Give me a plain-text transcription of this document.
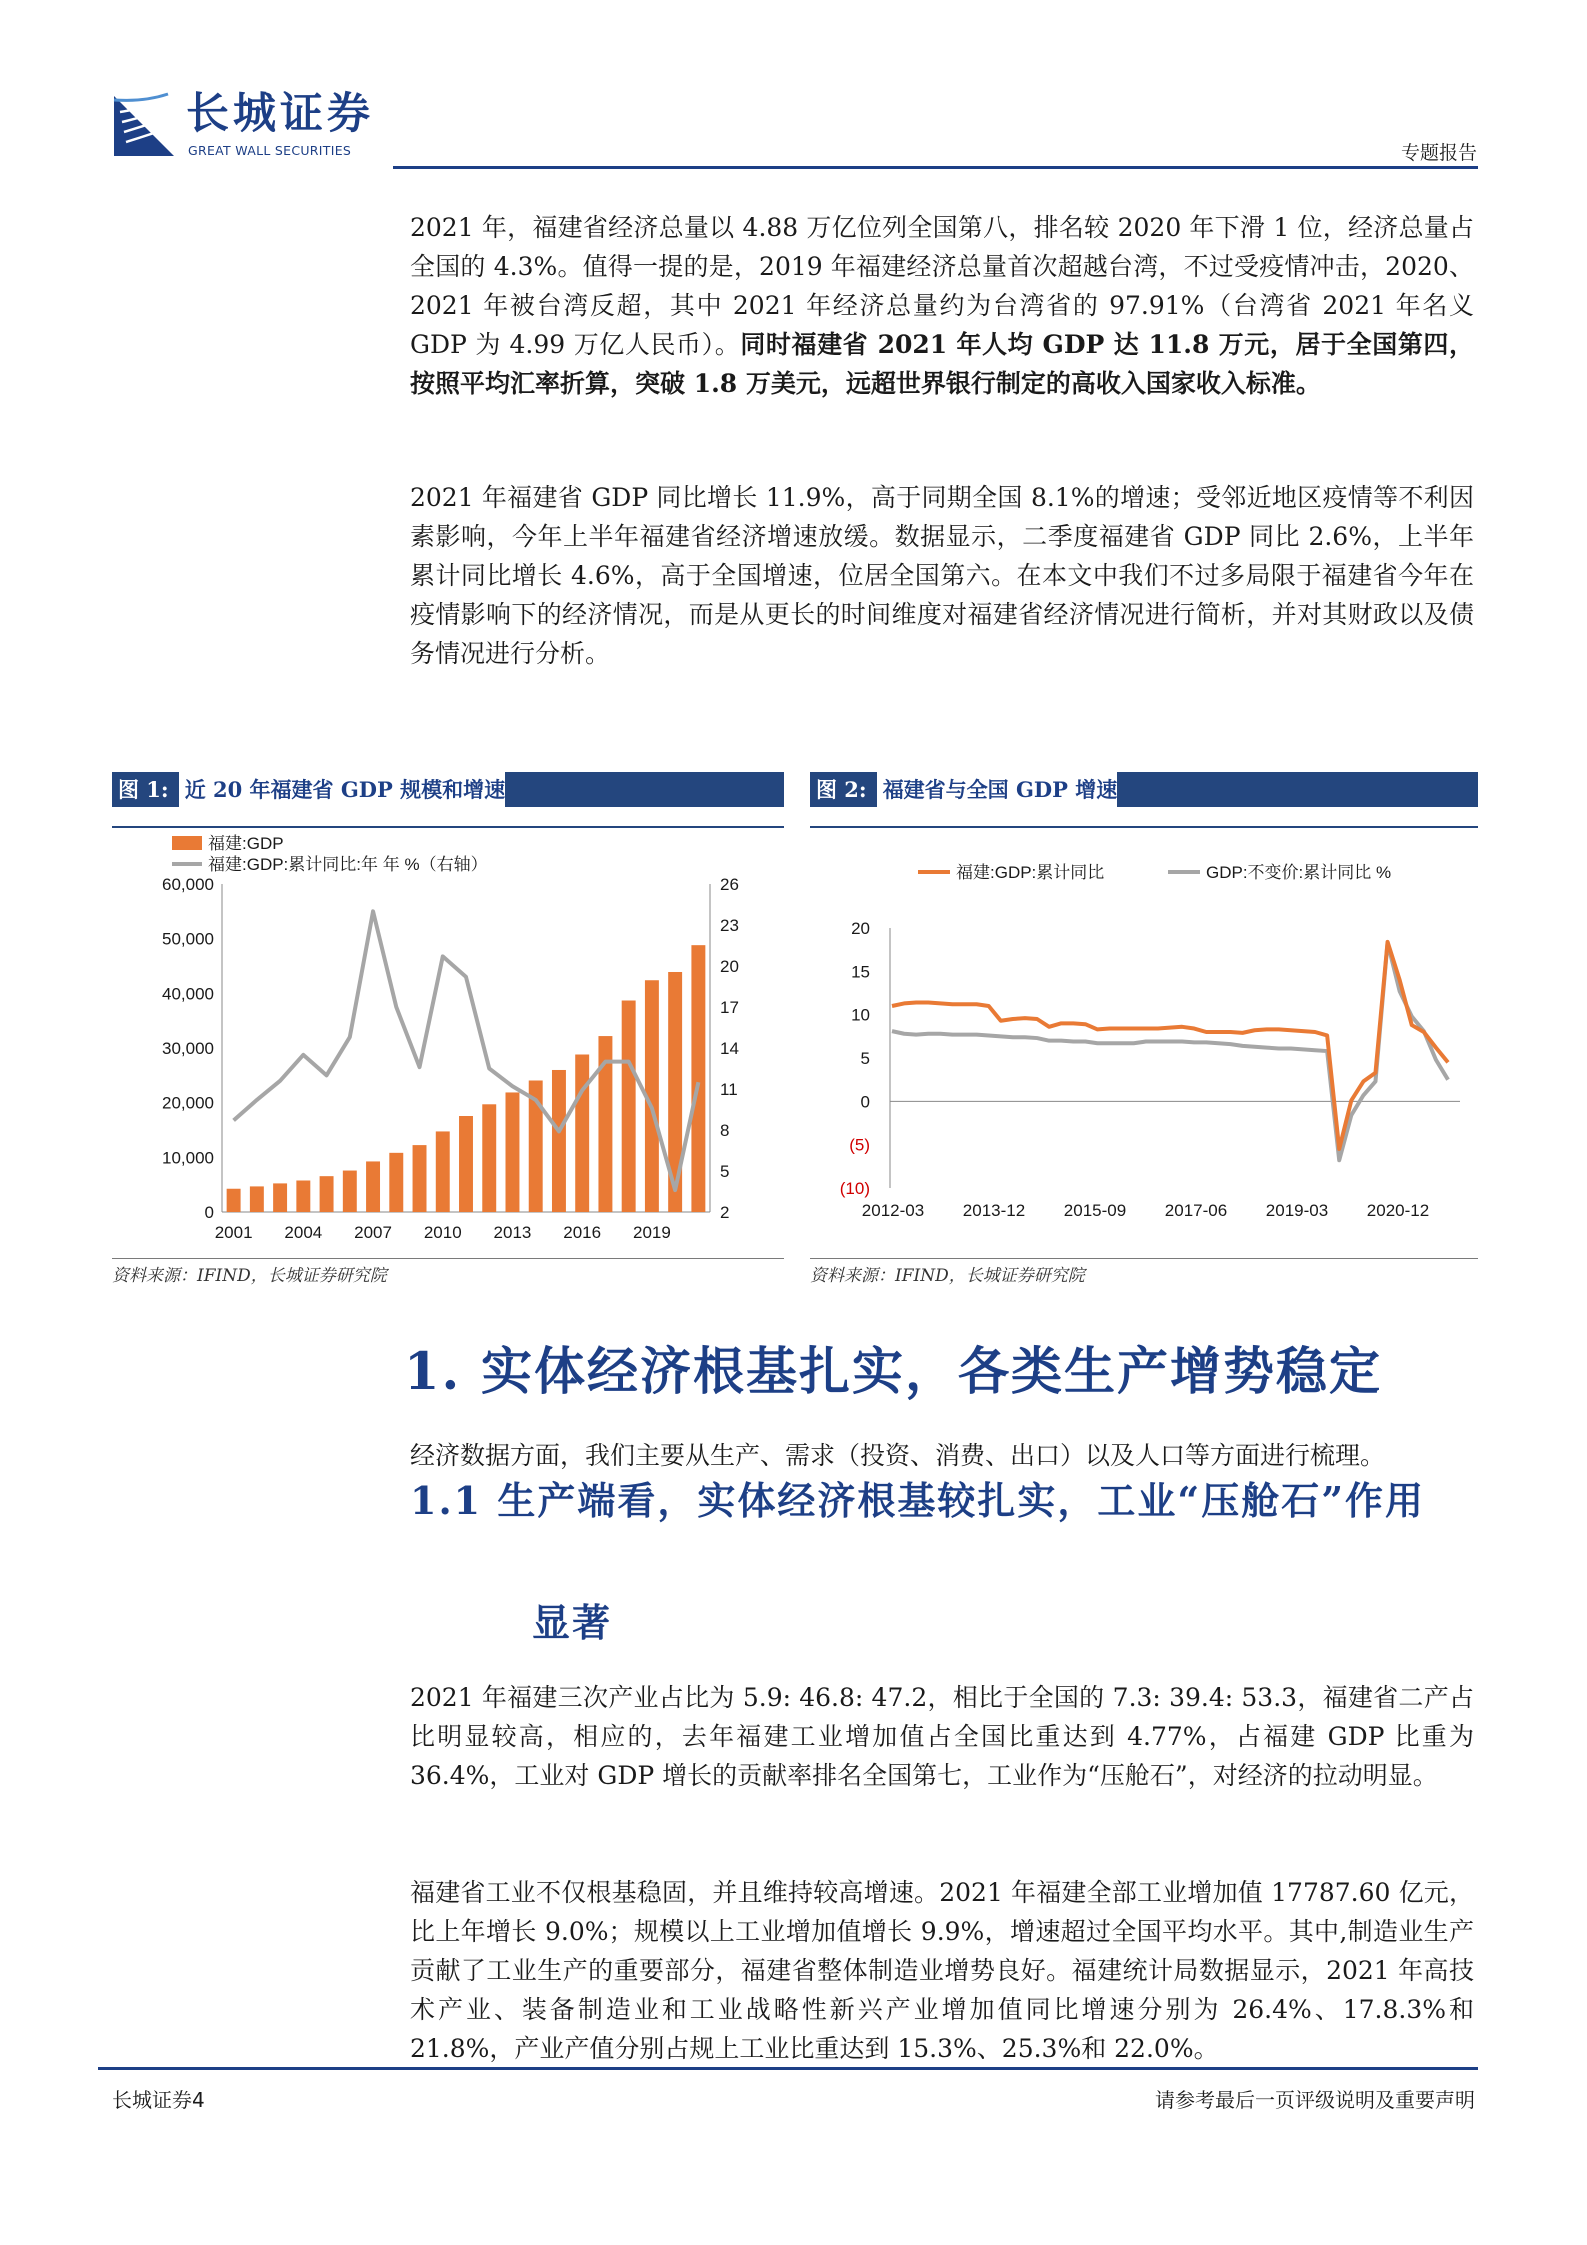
长城证券
GREAT WALL SECURITIES	专题报告
2021 年，福建省经济总量以 4.88 万亿位列全国第八，排名较 2020 年下滑 1 位，经济总量占全国的 4.3%。值得一提的是，2019 年福建经济总量首次超越台湾，不过受疫情冲击，2020、2021 年被台湾反超，其中 2021 年经济总量约为台湾省的 97.91%（台湾省 2021 年名义 GDP 为 4.99 万亿人民币）。同时福建省 2021 年人均 GDP 达 11.8 万元，居于全国第四，按照平均汇率折算，突破 1.8 万美元，远超世界银行制定的高收入国家收入标准。
2021 年福建省 GDP 同比增长 11.9%，高于同期全国 8.1%的增速；受邻近地区疫情等不利因素影响，今年上半年福建省经济增速放缓。数据显示，二季度福建省 GDP 同比 2.6%，上半年累计同比增长 4.6%，高于全国增速，位居全国第六。在本文中我们不过多局限于福建省今年在疫情影响下的经济情况，而是从更长的时间维度对福建省经济情况进行简析，并对其财政以及债务情况进行分析。
图 1: 近 20 年福建省 GDP 规模和增速
0
10,000
20,000
30,000
40,000
50,000
60,000
2
5
8
11
14
17
20
23
26
2001 2004 2007 2010 2013 2016 2019
福建:GDP
福建:GDP:累计同比:年 年 %（右轴）
资料来源：IFIND，长城证券研究院
图 2: 福建省与全国 GDP 增速
(10)
(5)
0
5
10
15
20
2012-03 2013-12 2015-09 2017-06 2019-03 2020-12
福建:GDP:累计同比	GDP:不变价:累计同比 %
资料来源：IFIND，长城证券研究院
1. 实体经济根基扎实，各类生产增势稳定
经济数据方面，我们主要从生产、需求（投资、消费、出口）以及人口等方面进行梳理。
1.1 生产端看，实体经济根基较扎实，工业“压舱石”作用
显著
2021 年福建三次产业占比为 5.9: 46.8: 47.2，相比于全国的 7.3: 39.4: 53.3，福建省二产占比明显较高，相应的，去年福建工业增加值占全国比重达到 4.77%，占福建 GDP 比重为 36.4%，工业对 GDP 增长的贡献率排名全国第七，工业作为“压舱石”，对经济的拉动明显。
福建省工业不仅根基稳固，并且维持较高增速。2021 年福建全部工业增加值 17787.60 亿元，比上年增长 9.0%；规模以上工业增加值增长 9.9%，增速超过全国平均水平。其中,制造业生产贡献了工业生产的重要部分，福建省整体制造业增势良好。福建统计局数据显示，2021 年高技术产业、装备制造业和工业战略性新兴产业增加值同比增速分别为 26.4%、17.8.3%和 21.8%，产业产值分别占规上工业比重达到 15.3%、25.3%和 22.0%。
长城证券4	请参考最后一页评级说明及重要声明
